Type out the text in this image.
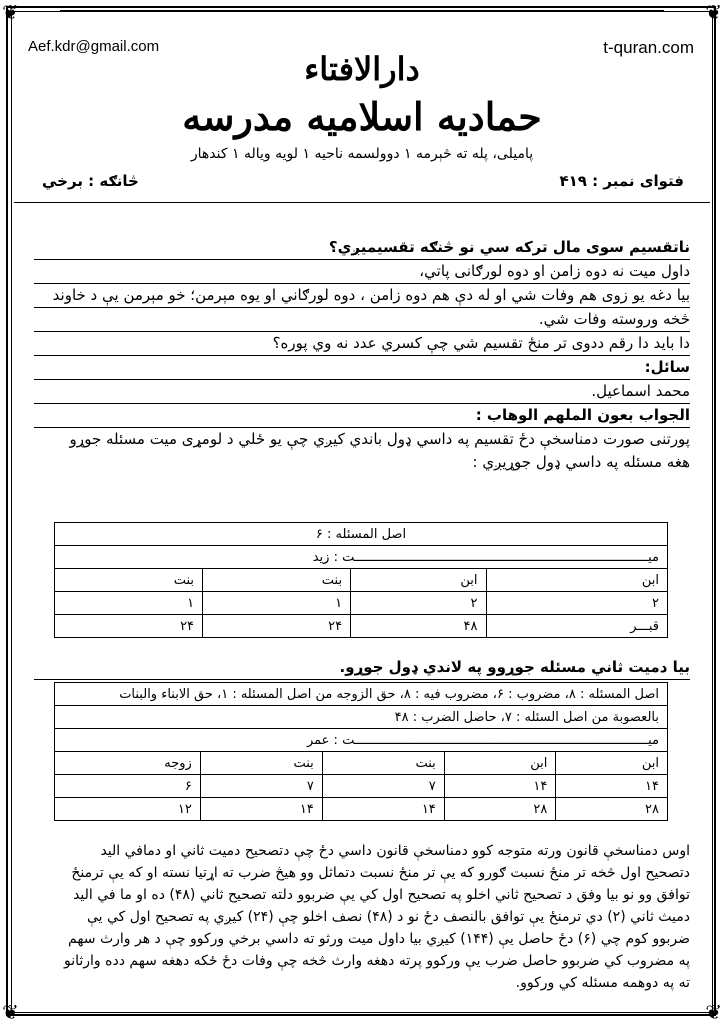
❦	❦
❦	❦
Aef.kdr@gmail.com	t-quran.com
دارالافتاء
حمادیه اسلامیه مدرسه
پامیلی، پله ته څېرمه ۱ دوولسمه ناحیه ۱ لویه ویاله ۱ کندهار
فتوای نمبر : ۴۱۹
څانګه : برخي
ناتقسیم سوی مال ترکه سي نو څنګه تقسیمیږي؟
داول میت نه دوه زامن او دوه لورګانی پاتي،
بیا دغه یو زوی هم وفات شي او له دې هم دوه زامن ، دوه لورګاني او یوه مېرمن؛ خو مېرمن یې د خاوند
څخه وروسته وفات شي.
دا باید دا رقم ددوی تر منځ تقسیم شي چې کسري عدد نه وي پوره؟
سائل:
محمد اسماعیل.
الجواب بعون الملهم الوهاب :
پورتنی صورت دمناسخې دځ تقسیم په داسي ډول باندي کیږي چې یو ځلي د لومړی میت مسئله جوړو
هغه مسئله په داسي ډول جوړیږي :
اصل المسئله : ۶			
میـــــــــــــــــــــــــــــــــــــــــــــــــــــــــــــــــــــــــــــت : زید			
ابن	ابن	بنت	بنت
۲	۲	۱	۱
قبـــر	۴۸	۲۴	۲۴
بیا دمیت ثاني مسئله جوړوو په لاندي ډول جوړو.
اصل المسئله : ۸، مضروب : ۶، مضروب فیه : ۸، حق الزوجه من اصل المسئله : ۱، حق الابناء والبنات				
بالعصوبة من اصل السئله : ۷، حاصل الضرب : ۴۸				
میـــــــــــــــــــــــــــــــــــــــــــــــــــــــــــــــــــــــــــــت : عمر				
ابن	ابن	بنت	بنت	زوجه
۱۴	۱۴	۷	۷	۶
۲۸	۲۸	۱۴	۱۴	۱۲
اوس دمناسخې قانون ورته متوجه کوو دمناسخې قانون داسي دځ چې دتصحیح دمیت ثاني او دمافي الید
دتصحیح اول څخه تر منځ نسبت ګورو که یې تر منځ نسبت دتماثل وو هیڅ ضرب ته اړتیا نسته او که یې ترمنځ
توافق وو نو بیا وفق د تصحیح ثاني اخلو په تصحیح اول کي یې ضربوو دلته تصحیح ثاني (۴۸) ده او ما في الید
دمیث ثاني (۲) دي ترمنځ یې توافق بالنصف دځ نو د (۴۸) نصف اخلو چې (۲۴) کیږي په تصحیح اول کي یې
ضربوو کوم چي (۶) دځ حاصل یې (۱۴۴) کیږي بیا داول میت ورثو ته داسي برخي ورکوو چې د هر وارث سهم
په مضروب کي ضربوو حاصل ضرب یې ورکوو پرته دهغه وارث څخه چې وفات دځ ځکه دهغه سهم دده وارثانو
ته په دوهمه مسئله کي ورکوو.
